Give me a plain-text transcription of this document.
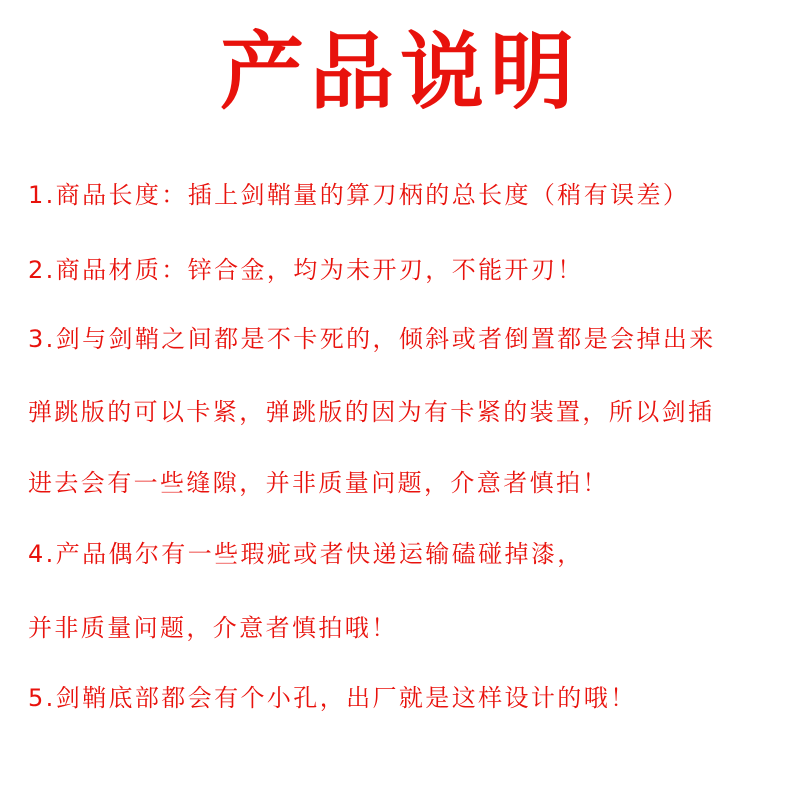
产品说明
1.商品长度：插上剑鞘量的算刀柄的总长度（稍有误差）
2.商品材质：锌合金，均为未开刃，不能开刃！
3.剑与剑鞘之间都是不卡死的，倾斜或者倒置都是会掉出来
弹跳版的可以卡紧，弹跳版的因为有卡紧的装置，所以剑插
进去会有一些缝隙，并非质量问题，介意者慎拍！
4.产品偶尔有一些瑕疵或者快递运输磕碰掉漆，
并非质量问题，介意者慎拍哦！
5.剑鞘底部都会有个小孔，出厂就是这样设计的哦！
